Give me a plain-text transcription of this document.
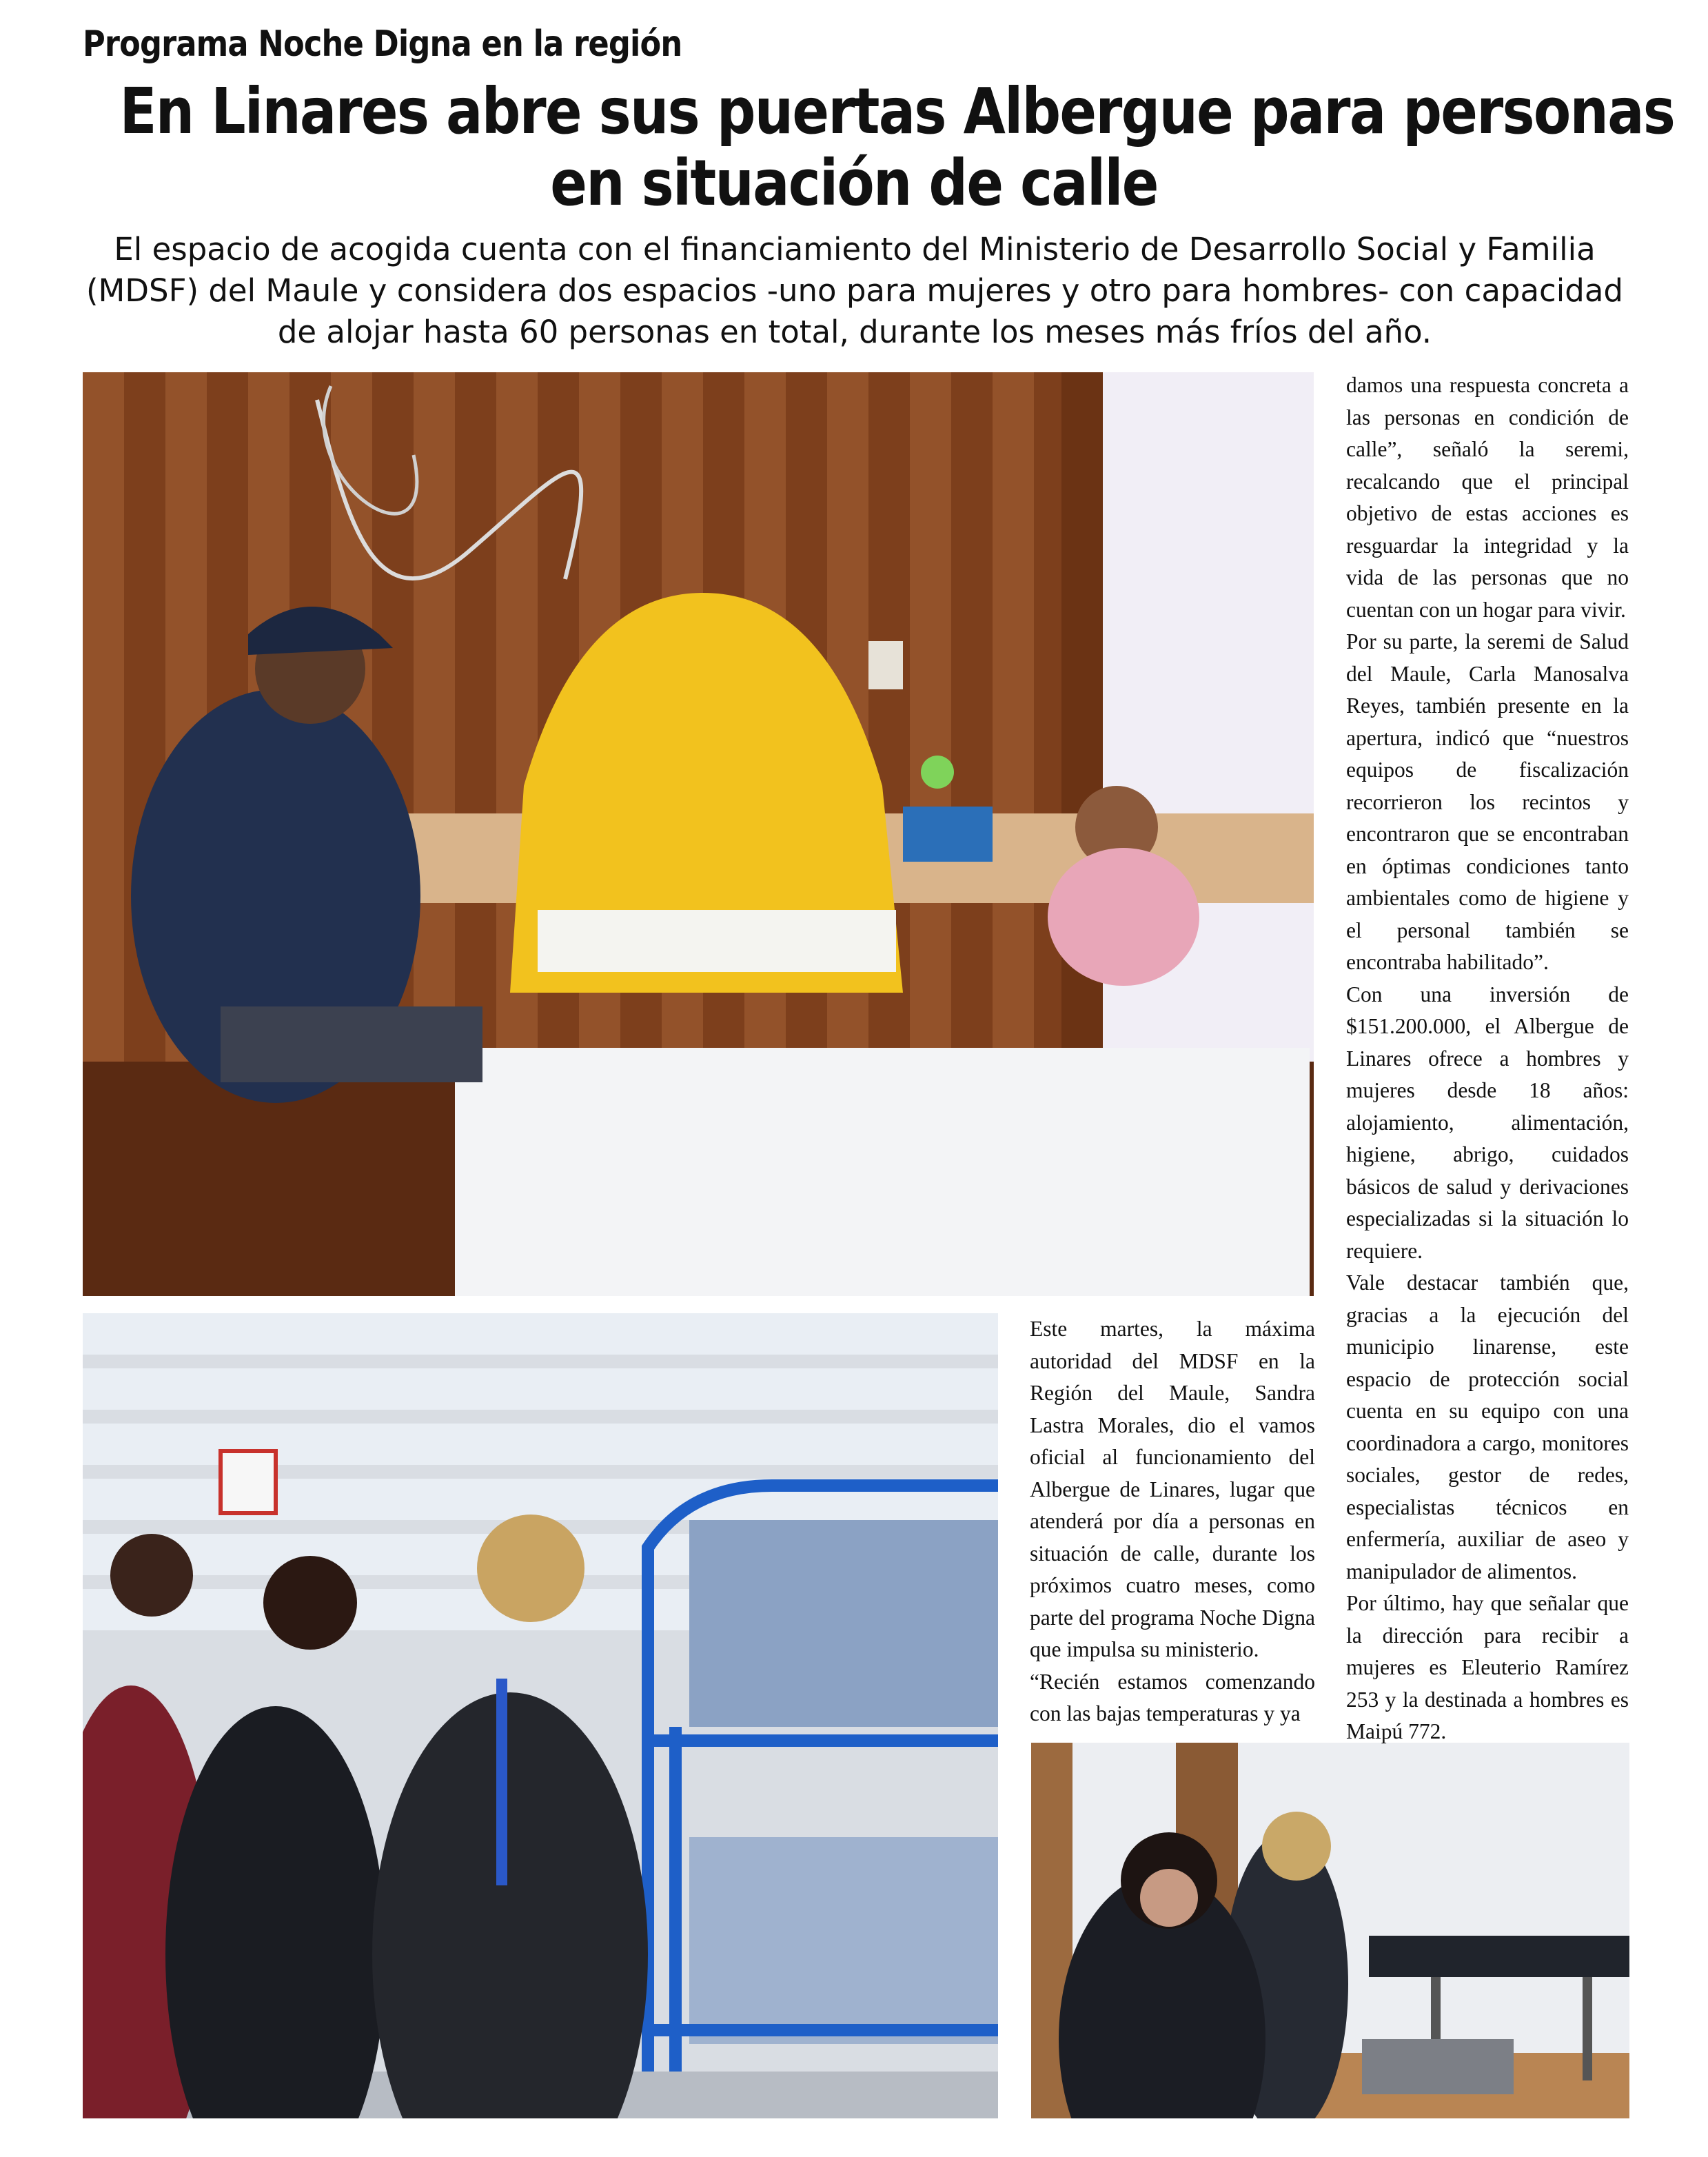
Programa Noche Digna en la región
En Linares abre sus puertas Albergue para personas
en situación de calle
El espacio de acogida cuenta con el financiamiento del Ministerio de Desarrollo Social y Familia (MDSF) del Maule y considera dos espacios -uno para mujeres y otro para hombres- con capacidad de alojar hasta 60 personas en total, durante los meses más fríos del año.

Este martes, la máxima autoridad del MDSF en la Región del Maule, Sandra Lastra Morales, dio el vamos oficial al funcionamiento del Albergue de Linares, lugar que atenderá por día a personas en situación de calle, durante los próximos cuatro meses, como parte del programa Noche Digna que impulsa su ministerio.

“Recién estamos comenzando con las bajas temperaturas y ya

damos una respuesta concreta a las personas en condición de calle”, señaló la seremi, recalcando que el principal objetivo de estas acciones es resguardar la integridad y la vida de las personas que no cuentan con un hogar para vivir.

Por su parte, la seremi de Salud del Maule, Carla Manosalva Reyes, también presente en la apertura, indicó que “nuestros equipos de fiscalización recorrieron los recintos y encontraron que se encontraban en óptimas condiciones tanto ambientales como de higiene y el personal también se encontraba habilitado”.

Con una inversión de $151.200.000, el Albergue de Linares ofrece a hombres y mujeres desde 18 años: alojamiento, alimentación, higiene, abrigo, cuidados básicos de salud y derivaciones especializadas si la situación lo requiere.

Vale destacar también que, gracias a la ejecución del municipio linarense, este espacio de protección social cuenta en su equipo con una coordinadora a cargo, monitores sociales, gestor de redes, especialistas técnicos en enfermería, auxiliar de aseo y manipulador de alimentos.

Por último, hay que señalar que la dirección para recibir a mujeres es Eleuterio Ramírez 253 y la destinada a hombres es Maipú 772.
